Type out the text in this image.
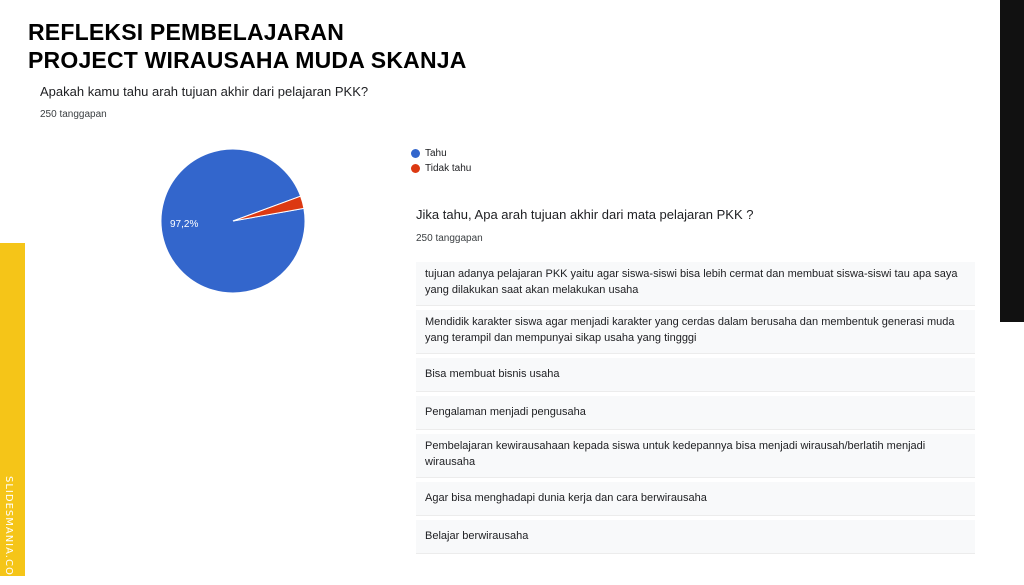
REFLEKSI PEMBELAJARAN
PROJECT WIRAUSAHA MUDA SKANJA
SLIDESMANIA.COM
Apakah kamu tahu arah tujuan akhir dari pelajaran PKK?
250 tanggapan
97,2%
Tahu
Tidak tahu
Jika tahu, Apa arah tujuan akhir dari mata pelajaran PKK ?
250 tanggapan
tujuan adanya pelajaran PKK yaitu agar siswa-siswi bisa lebih cermat dan membuat siswa-siswi tau apa saya yang dilakukan saat akan melakukan usaha
Mendidik karakter siswa agar menjadi karakter yang cerdas dalam berusaha dan membentuk generasi muda yang terampil dan mempunyai sikap usaha yang tingggi
Bisa membuat bisnis usaha
Pengalaman menjadi pengusaha
Pembelajaran kewirausahaan kepada siswa untuk kedepannya bisa menjadi wirausah/berlatih menjadi wirausaha
Agar bisa menghadapi dunia kerja dan cara berwirausaha
Belajar berwirausaha
